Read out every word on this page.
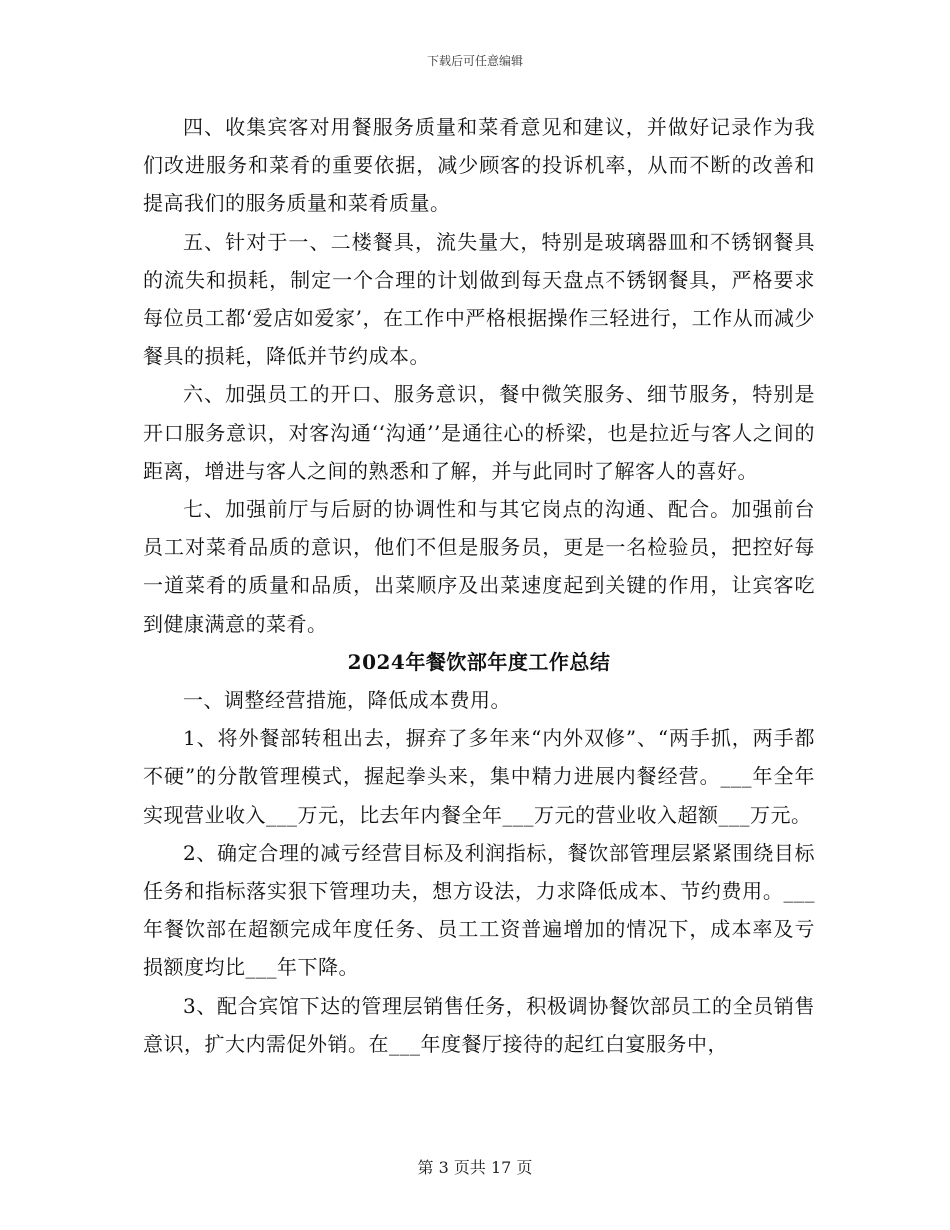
下载后可任意编辑

四、收集宾客对用餐服务质量和菜肴意见和建议，并做好记录作为我们改进服务和菜肴的重要依据，减少顾客的投诉机率，从而不断的改善和提高我们的服务质量和菜肴质量。

五、针对于一、二楼餐具，流失量大，特别是玻璃器皿和不锈钢餐具的流失和损耗，制定一个合理的计划做到每天盘点不锈钢餐具，严格要求每位员工都‘爱店如爱家’，在工作中严格根据操作三轻进行，工作从而减少餐具的损耗，降低并节约成本。

六、加强员工的开口、服务意识，餐中微笑服务、细节服务，特别是开口服务意识，对客沟通‘‘沟通’’是通往心的桥梁，也是拉近与客人之间的距离，增进与客人之间的熟悉和了解，并与此同时了解客人的喜好。

七、加强前厅与后厨的协调性和与其它岗点的沟通、配合。加强前台员工对菜肴品质的意识，他们不但是服务员，更是一名检验员，把控好每一道菜肴的质量和品质，出菜顺序及出菜速度起到关键的作用，让宾客吃到健康满意的菜肴。

2024年餐饮部年度工作总结

一、调整经营措施，降低成本费用。

1、将外餐部转租出去，摒弃了多年来“内外双修”、“两手抓，两手都不硬”的分散管理模式，握起拳头来，集中精力进展内餐经营。___年全年实现营业收入___万元，比去年内餐全年___万元的营业收入超额___万元。

2、确定合理的减亏经营目标及利润指标，餐饮部管理层紧紧围绕目标任务和指标落实狠下管理功夫，想方设法，力求降低成本、节约费用。___年餐饮部在超额完成年度任务、员工工资普遍增加的情况下，成本率及亏损额度均比___年下降。

3、配合宾馆下达的管理层销售任务，积极调协餐饮部员工的全员销售意识，扩大内需促外销。在___年度餐厅接待的起红白宴服务中，

第 3 页共 17 页
